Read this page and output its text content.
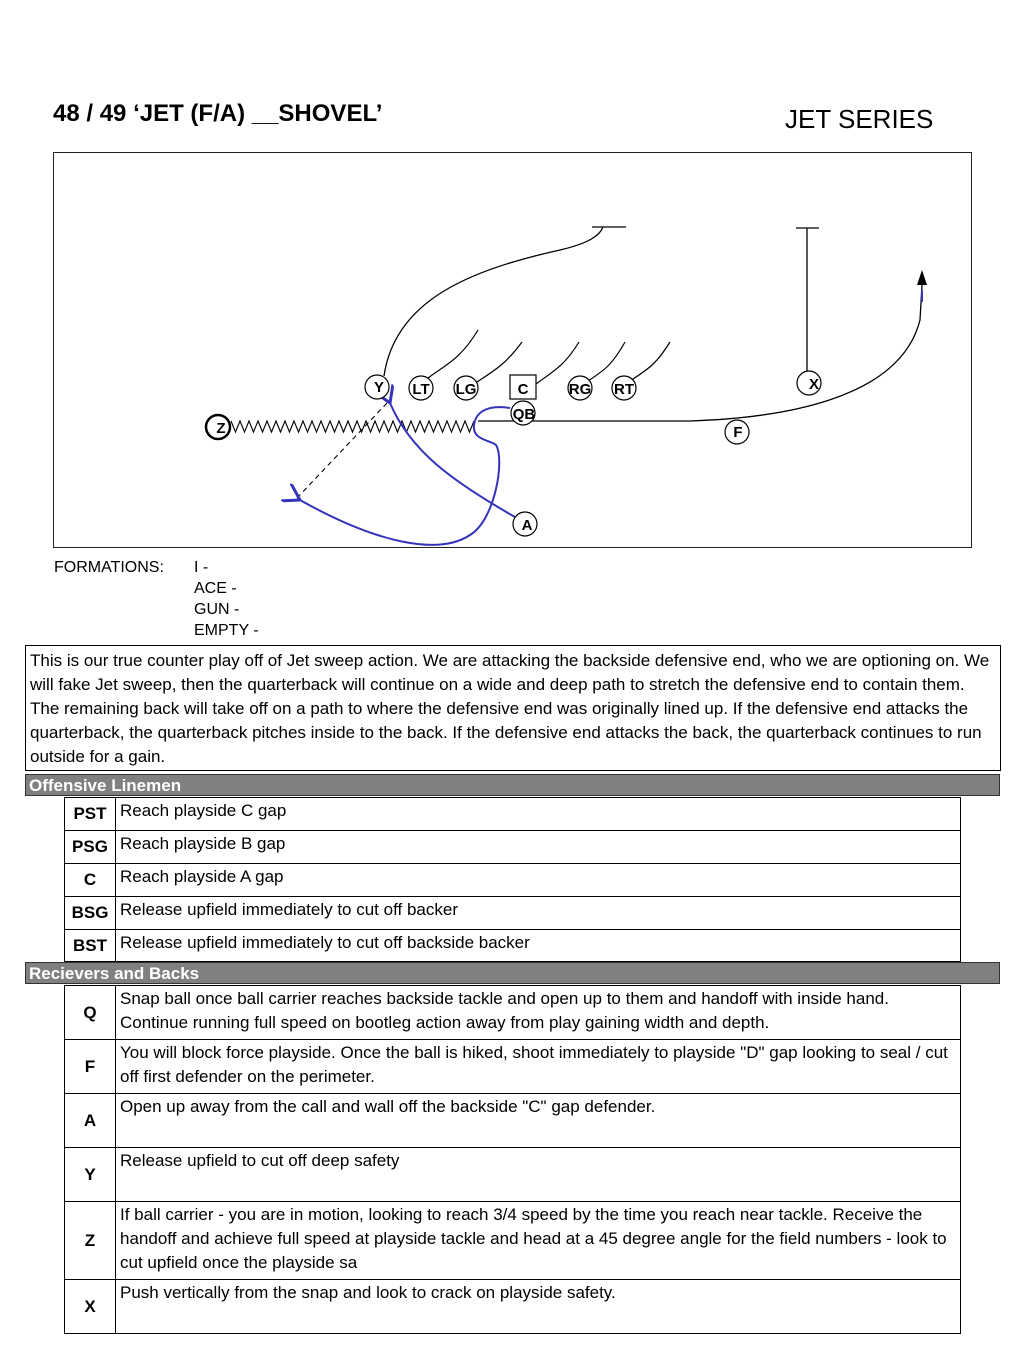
48 / 49 ‘JET (F/A) __SHOVEL’	JET SERIES
Y LT LG	C	RG RT
QB
X
F
A
Z
FORMATIONS: I -
ACE -
GUN -
EMPTY -
This is our true counter play off of Jet sweep action. We are attacking the backside defensive end, who we are optioning on. We will fake Jet sweep, then the quarterback will continue on a wide and deep path to stretch the defensive end to contain them. The remaining back will take off on a path to where the defensive end was originally lined up. If the defensive end attacks the quarterback, the quarterback pitches inside to the back. If the defensive end attacks the back, the quarterback continues to run outside for a gain.
Offensive Linemen
PST	Reach playside C gap
PSG	Reach playside B gap
C	Reach playside A gap
BSG	Release upfield immediately to cut off backer
BST	Release upfield immediately to cut off backside backer
Recievers and Backs
Q	Snap ball once ball carrier reaches backside tackle and open up to them and handoff with inside hand. Continue running full speed on bootleg action away from play gaining width and depth.
F	You will block force playside. Once the ball is hiked, shoot immediately to playside "D" gap looking to seal / cut off first defender on the perimeter.
A	Open up away from the call and wall off the backside "C" gap defender.
Y	Release upfield to cut off deep safety
Z	If ball carrier - you are in motion, looking to reach 3/4 speed by the time you reach near tackle. Receive the handoff and achieve full speed at playside tackle and head at a 45 degree angle for the field numbers - look to cut upfield once the playside sa
X	Push vertically from the snap and look to crack on playside safety.
